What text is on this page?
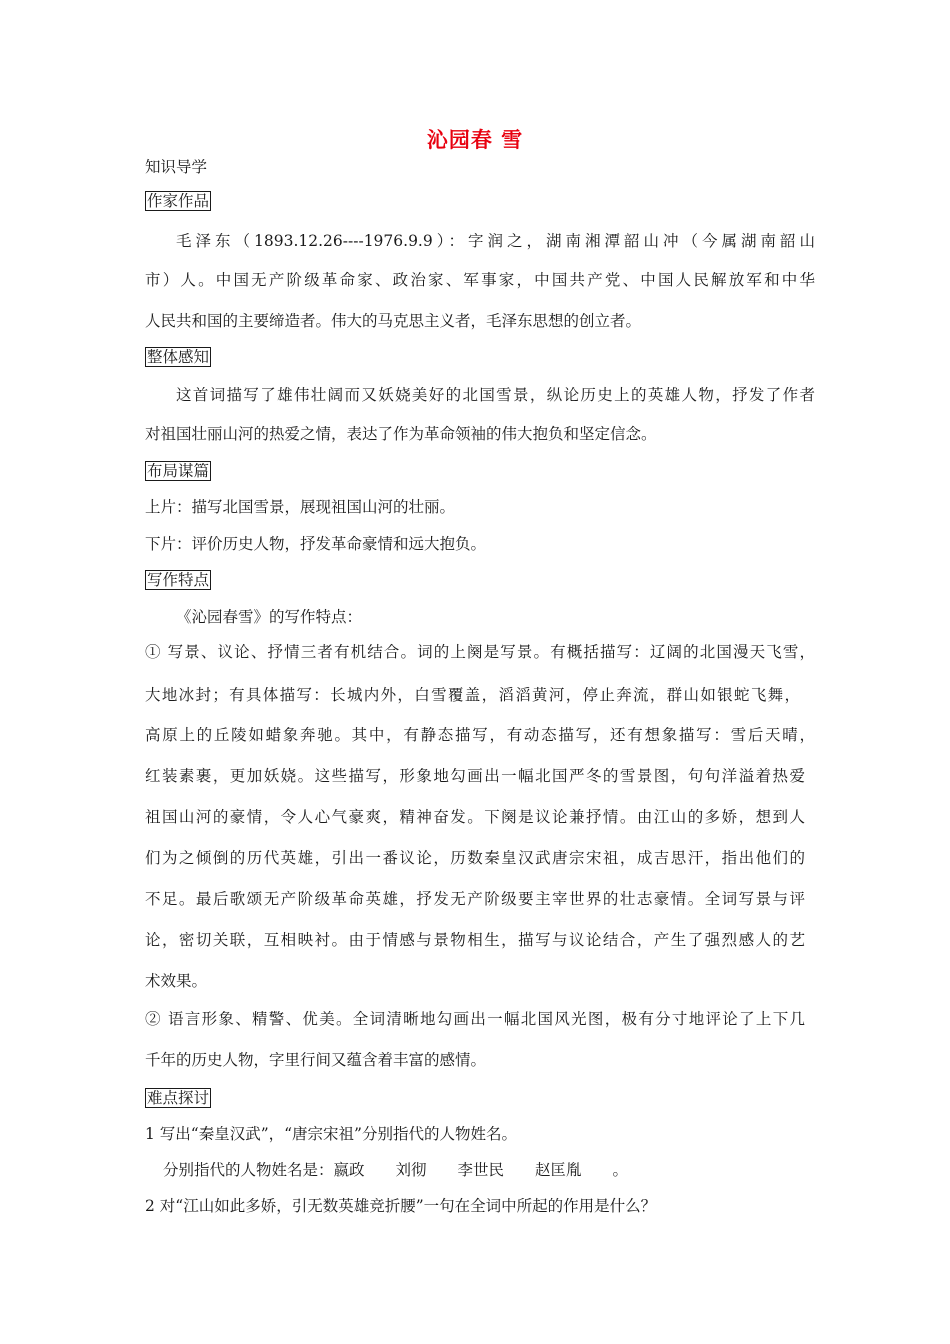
沁园春 雪
知识导学
作家作品
毛泽东（1893.12.26----1976.9.9）：字润之，湖南湘潭韶山冲（今属湖南韶山
市）人。中国无产阶级革命家、政治家、军事家，中国共产党、中国人民解放军和中华
人民共和国的主要缔造者。伟大的马克思主义者，毛泽东思想的创立者。
整体感知
这首词描写了雄伟壮阔而又妖娆美好的北国雪景，纵论历史上的英雄人物，抒发了作者
对祖国壮丽山河的热爱之情，表达了作为革命领袖的伟大抱负和坚定信念。
布局谋篇
上片：描写北国雪景，展现祖国山河的壮丽。
下片：评价历史人物，抒发革命豪情和远大抱负。
写作特点
《沁园春雪》的写作特点：
① 写景、议论、抒情三者有机结合。词的上阕是写景。有概括描写：辽阔的北国漫天飞雪，
大地冰封；有具体描写：长城内外，白雪覆盖，滔滔黄河，停止奔流，群山如银蛇飞舞，
高原上的丘陵如蜡象奔驰。其中，有静态描写，有动态描写，还有想象描写：雪后天晴，
红装素裹，更加妖娆。这些描写，形象地勾画出一幅北国严冬的雪景图，句句洋溢着热爱
祖国山河的豪情，令人心气豪爽，精神奋发。下阕是议论兼抒情。由江山的多娇，想到人
们为之倾倒的历代英雄，引出一番议论，历数秦皇汉武唐宗宋祖，成吉思汗，指出他们的
不足。最后歌颂无产阶级革命英雄，抒发无产阶级要主宰世界的壮志豪情。全词写景与评
论，密切关联，互相映衬。由于情感与景物相生，描写与议论结合，产生了强烈感人的艺
术效果。
② 语言形象、精警、优美。全词清晰地勾画出一幅北国风光图，极有分寸地评论了上下几
千年的历史人物，字里行间又蕴含着丰富的感情。
难点探讨
1 写出“秦皇汉武”，“唐宗宋祖”分别指代的人物姓名。
分别指代的人物姓名是：嬴政　　刘彻　　李世民　　赵匡胤　　。
2 对“江山如此多娇，引无数英雄竞折腰”一句在全词中所起的作用是什么？
